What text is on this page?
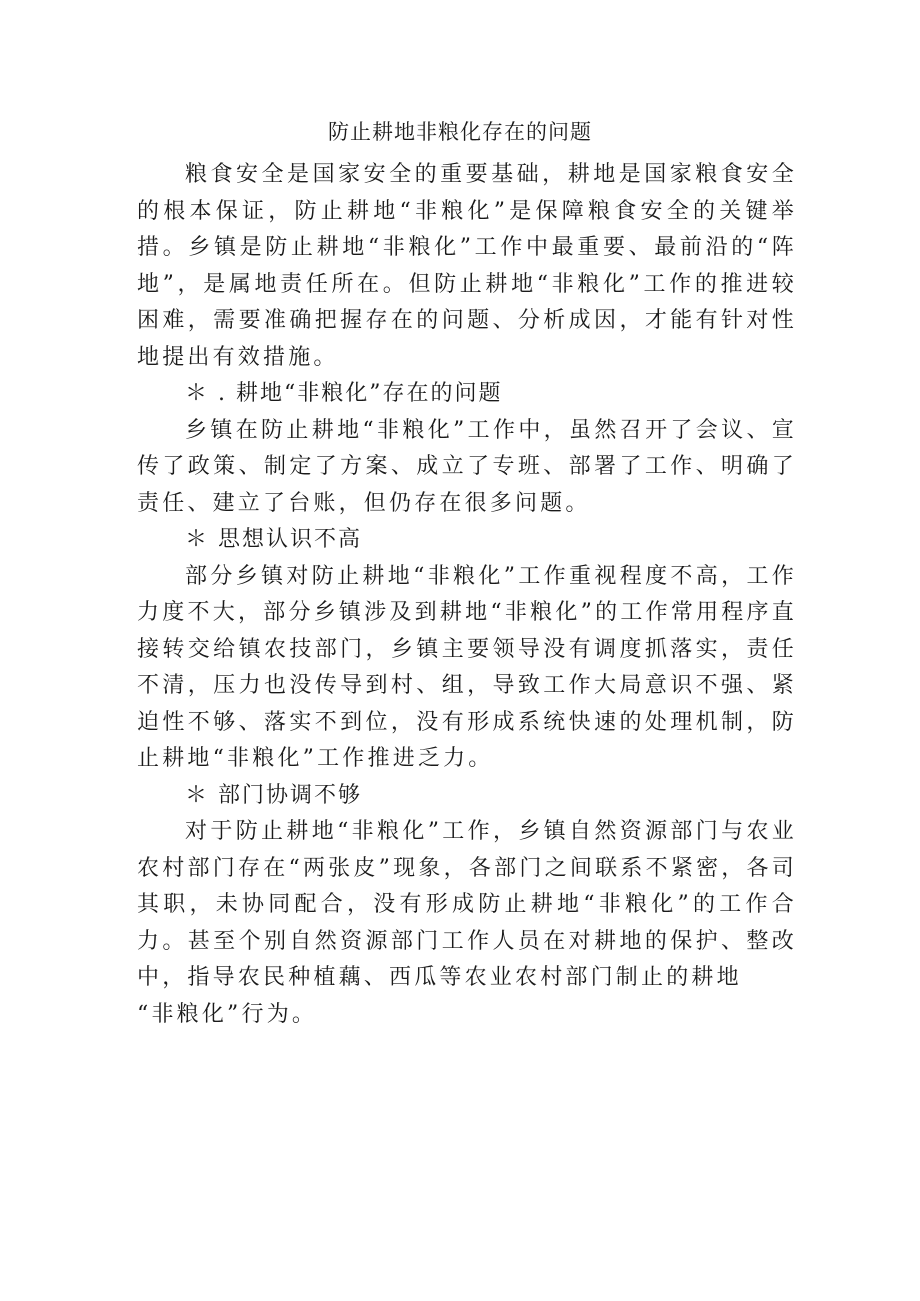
防止耕地非粮化存在的问题

粮食安全是国家安全的重要基础，耕地是国家粮食安全的根本保证，防止耕地“非粮化”是保障粮食安全的关键举措。乡镇是防止耕地“非粮化”工作中最重要、最前沿的“阵地”，是属地责任所在。但防止耕地“非粮化”工作的推进较困难，需要准确把握存在的问题、分析成因，才能有针对性地提出有效措施。

＊ . 耕地“非粮化”存在的问题

乡镇在防止耕地“非粮化”工作中，虽然召开了会议、宣传了政策、制定了方案、成立了专班、部署了工作、明确了责任、建立了台账，但仍存在很多问题。

＊ 思想认识不高

部分乡镇对防止耕地“非粮化”工作重视程度不高，工作力度不大，部分乡镇涉及到耕地“非粮化”的工作常用程序直接转交给镇农技部门，乡镇主要领导没有调度抓落实，责任不清，压力也没传导到村、组，导致工作大局意识不强、紧迫性不够、落实不到位，没有形成系统快速的处理机制，防止耕地“非粮化”工作推进乏力。

＊ 部门协调不够

对于防止耕地“非粮化”工作，乡镇自然资源部门与农业农村部门存在“两张皮”现象，各部门之间联系不紧密，各司其职，未协同配合，没有形成防止耕地“非粮化”的工作合力。甚至个别自然资源部门工作人员在对耕地的保护、整改中，指导农民种植藕、西瓜等农业农村部门制止的耕地

“非粮化”行为。
